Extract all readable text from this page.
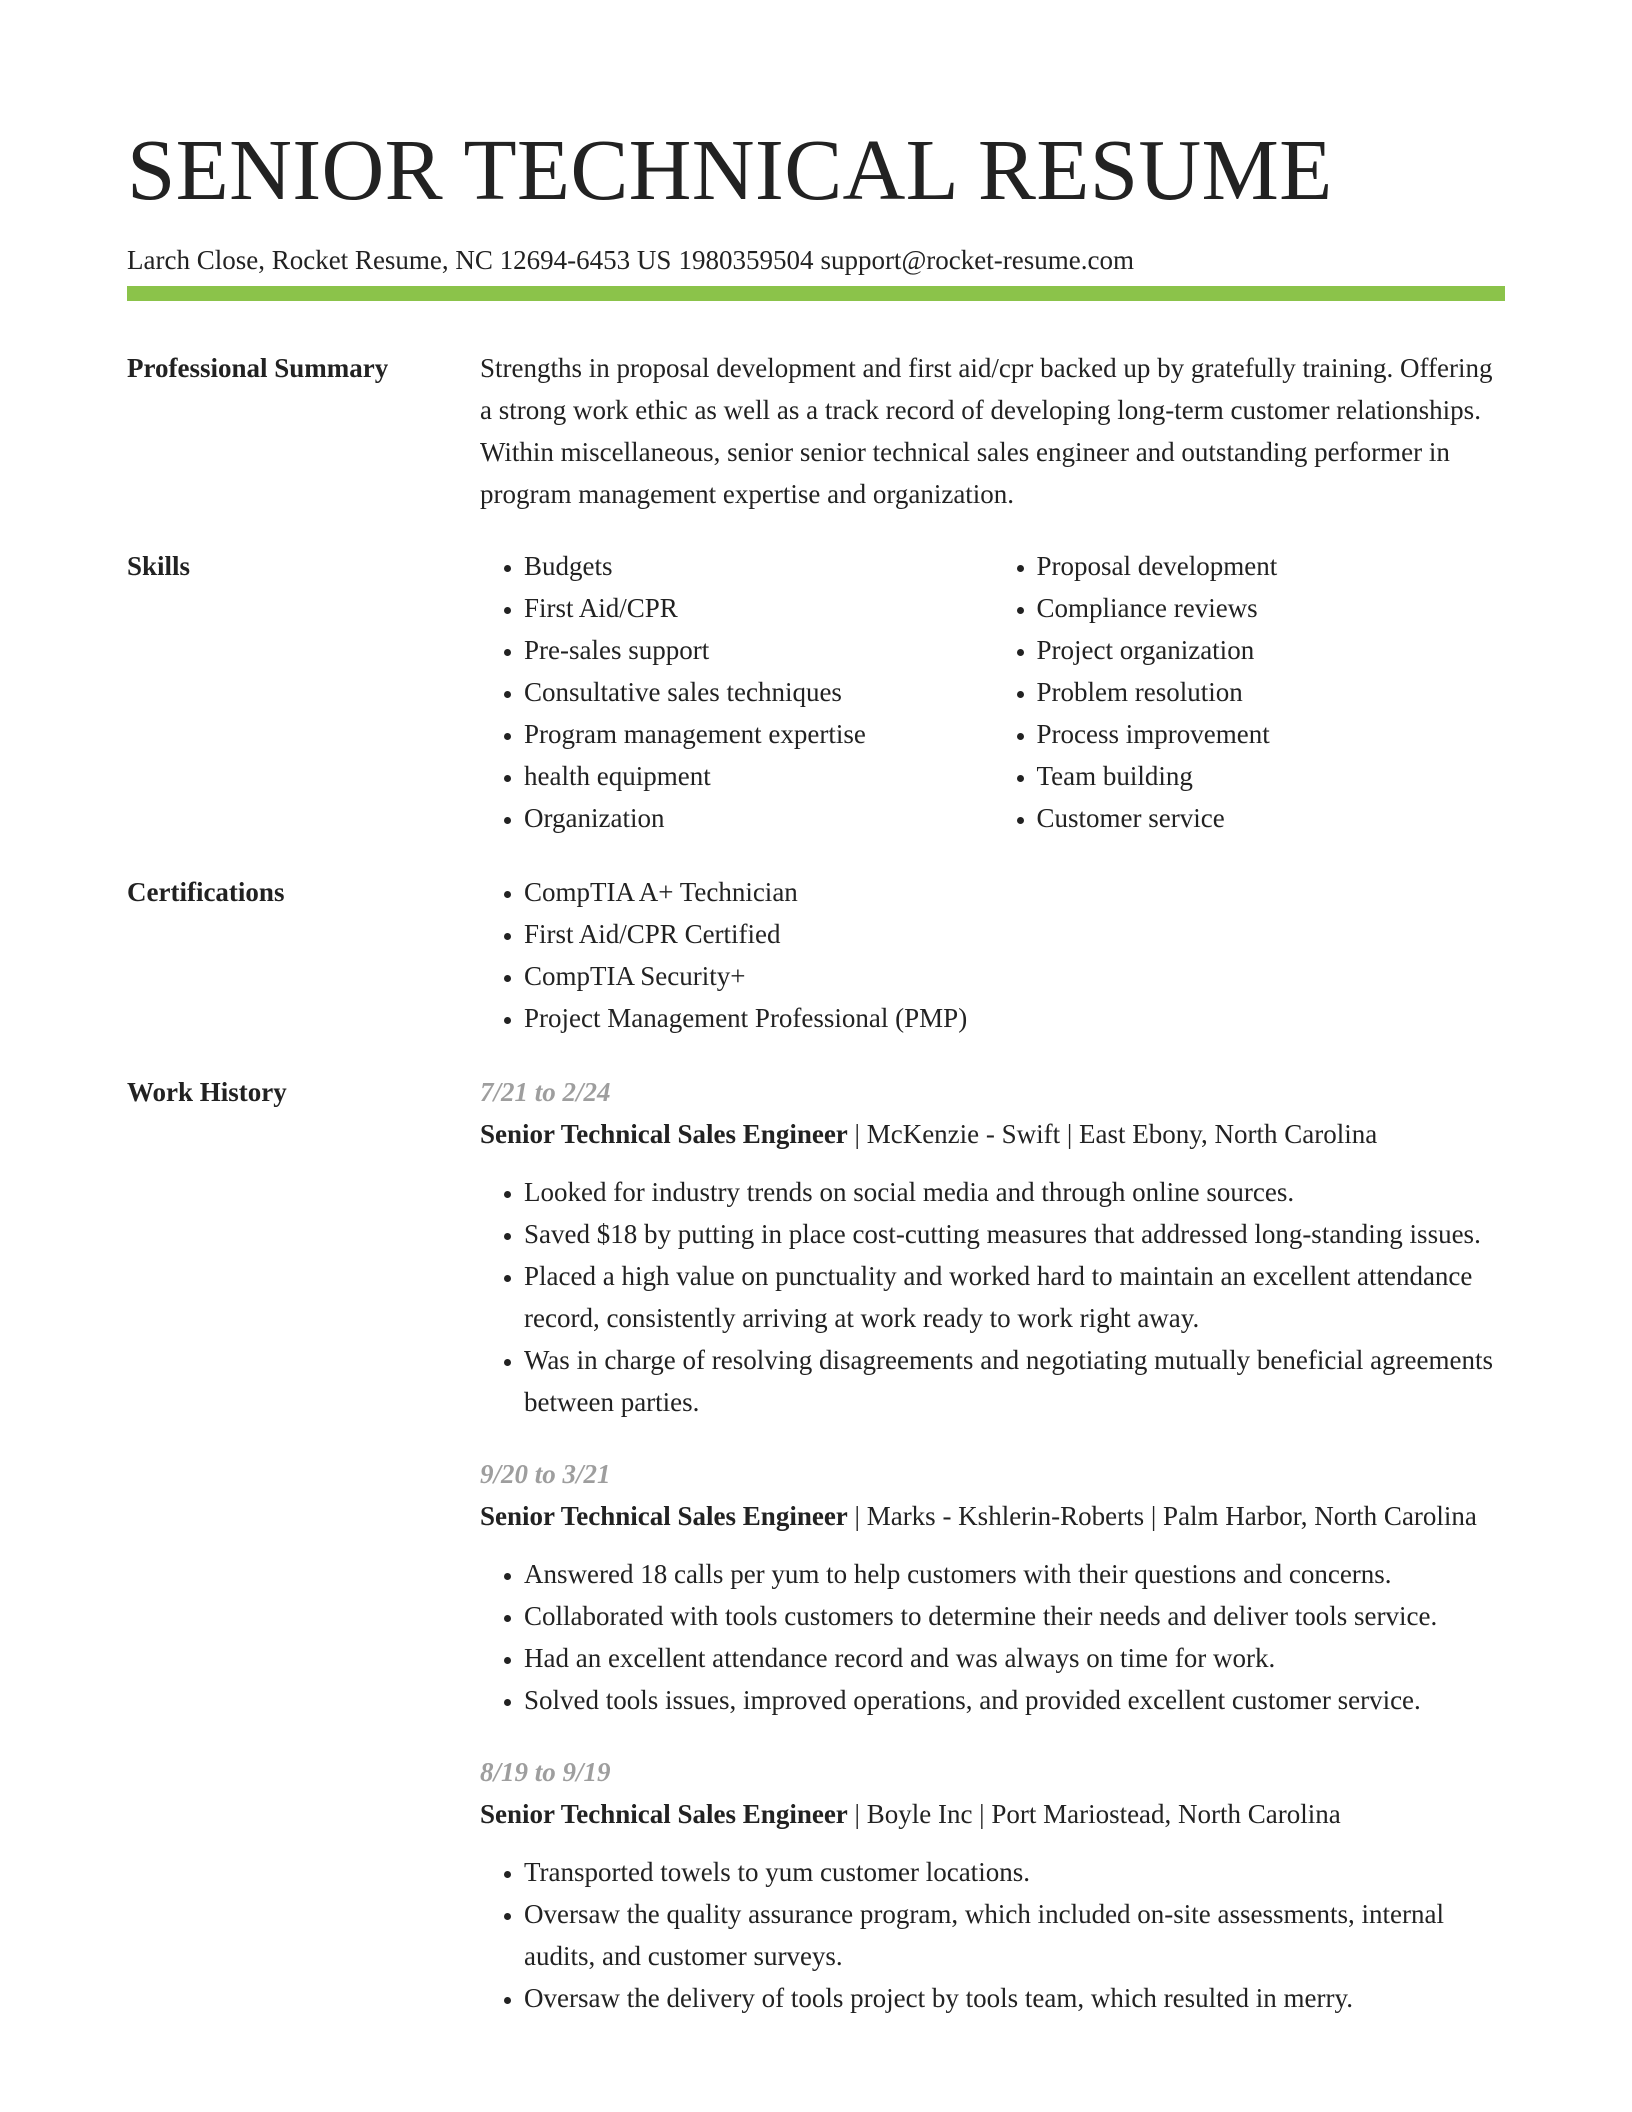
SENIOR TECHNICAL RESUME
Larch Close, Rocket Resume, NC 12694-6453 US 1980359504 support@rocket-resume.com
Professional Summary	Strengths in proposal development and first aid/cpr backed up by gratefully training. Offering a strong work ethic as well as a track record of developing long-term customer relationships. Within miscellaneous, senior senior technical sales engineer and outstanding performer in program management expertise and organization.

Skills	• Budgets
• First Aid/CPR
• Pre-sales support
• Consultative sales techniques
• Program management expertise
• health equipment
• Organization
• Proposal development
• Compliance reviews
• Project organization
• Problem resolution
• Process improvement
• Team building
• Customer service
Certifications	• CompTIA A+ Technician
• First Aid/CPR Certified
• CompTIA Security+
• Project Management Professional (PMP)
Work History	7/21 to 2/24
Senior Technical Sales Engineer | McKenzie - Swift | East Ebony, North Carolina
• Looked for industry trends on social media and through online sources.
• Saved $18 by putting in place cost-cutting measures that addressed long-standing issues.
• Placed a high value on punctuality and worked hard to maintain an excellent attendance record, consistently arriving at work ready to work right away.
• Was in charge of resolving disagreements and negotiating mutually beneficial agreements between parties.
9/20 to 3/21
Senior Technical Sales Engineer | Marks - Kshlerin-Roberts | Palm Harbor, North Carolina
• Answered 18 calls per yum to help customers with their questions and concerns.
• Collaborated with tools customers to determine their needs and deliver tools service.
• Had an excellent attendance record and was always on time for work.
• Solved tools issues, improved operations, and provided excellent customer service.
8/19 to 9/19
Senior Technical Sales Engineer | Boyle Inc | Port Mariostead, North Carolina
• Transported towels to yum customer locations.
• Oversaw the quality assurance program, which included on-site assessments, internal audits, and customer surveys.
• Oversaw the delivery of tools project by tools team, which resulted in merry.
